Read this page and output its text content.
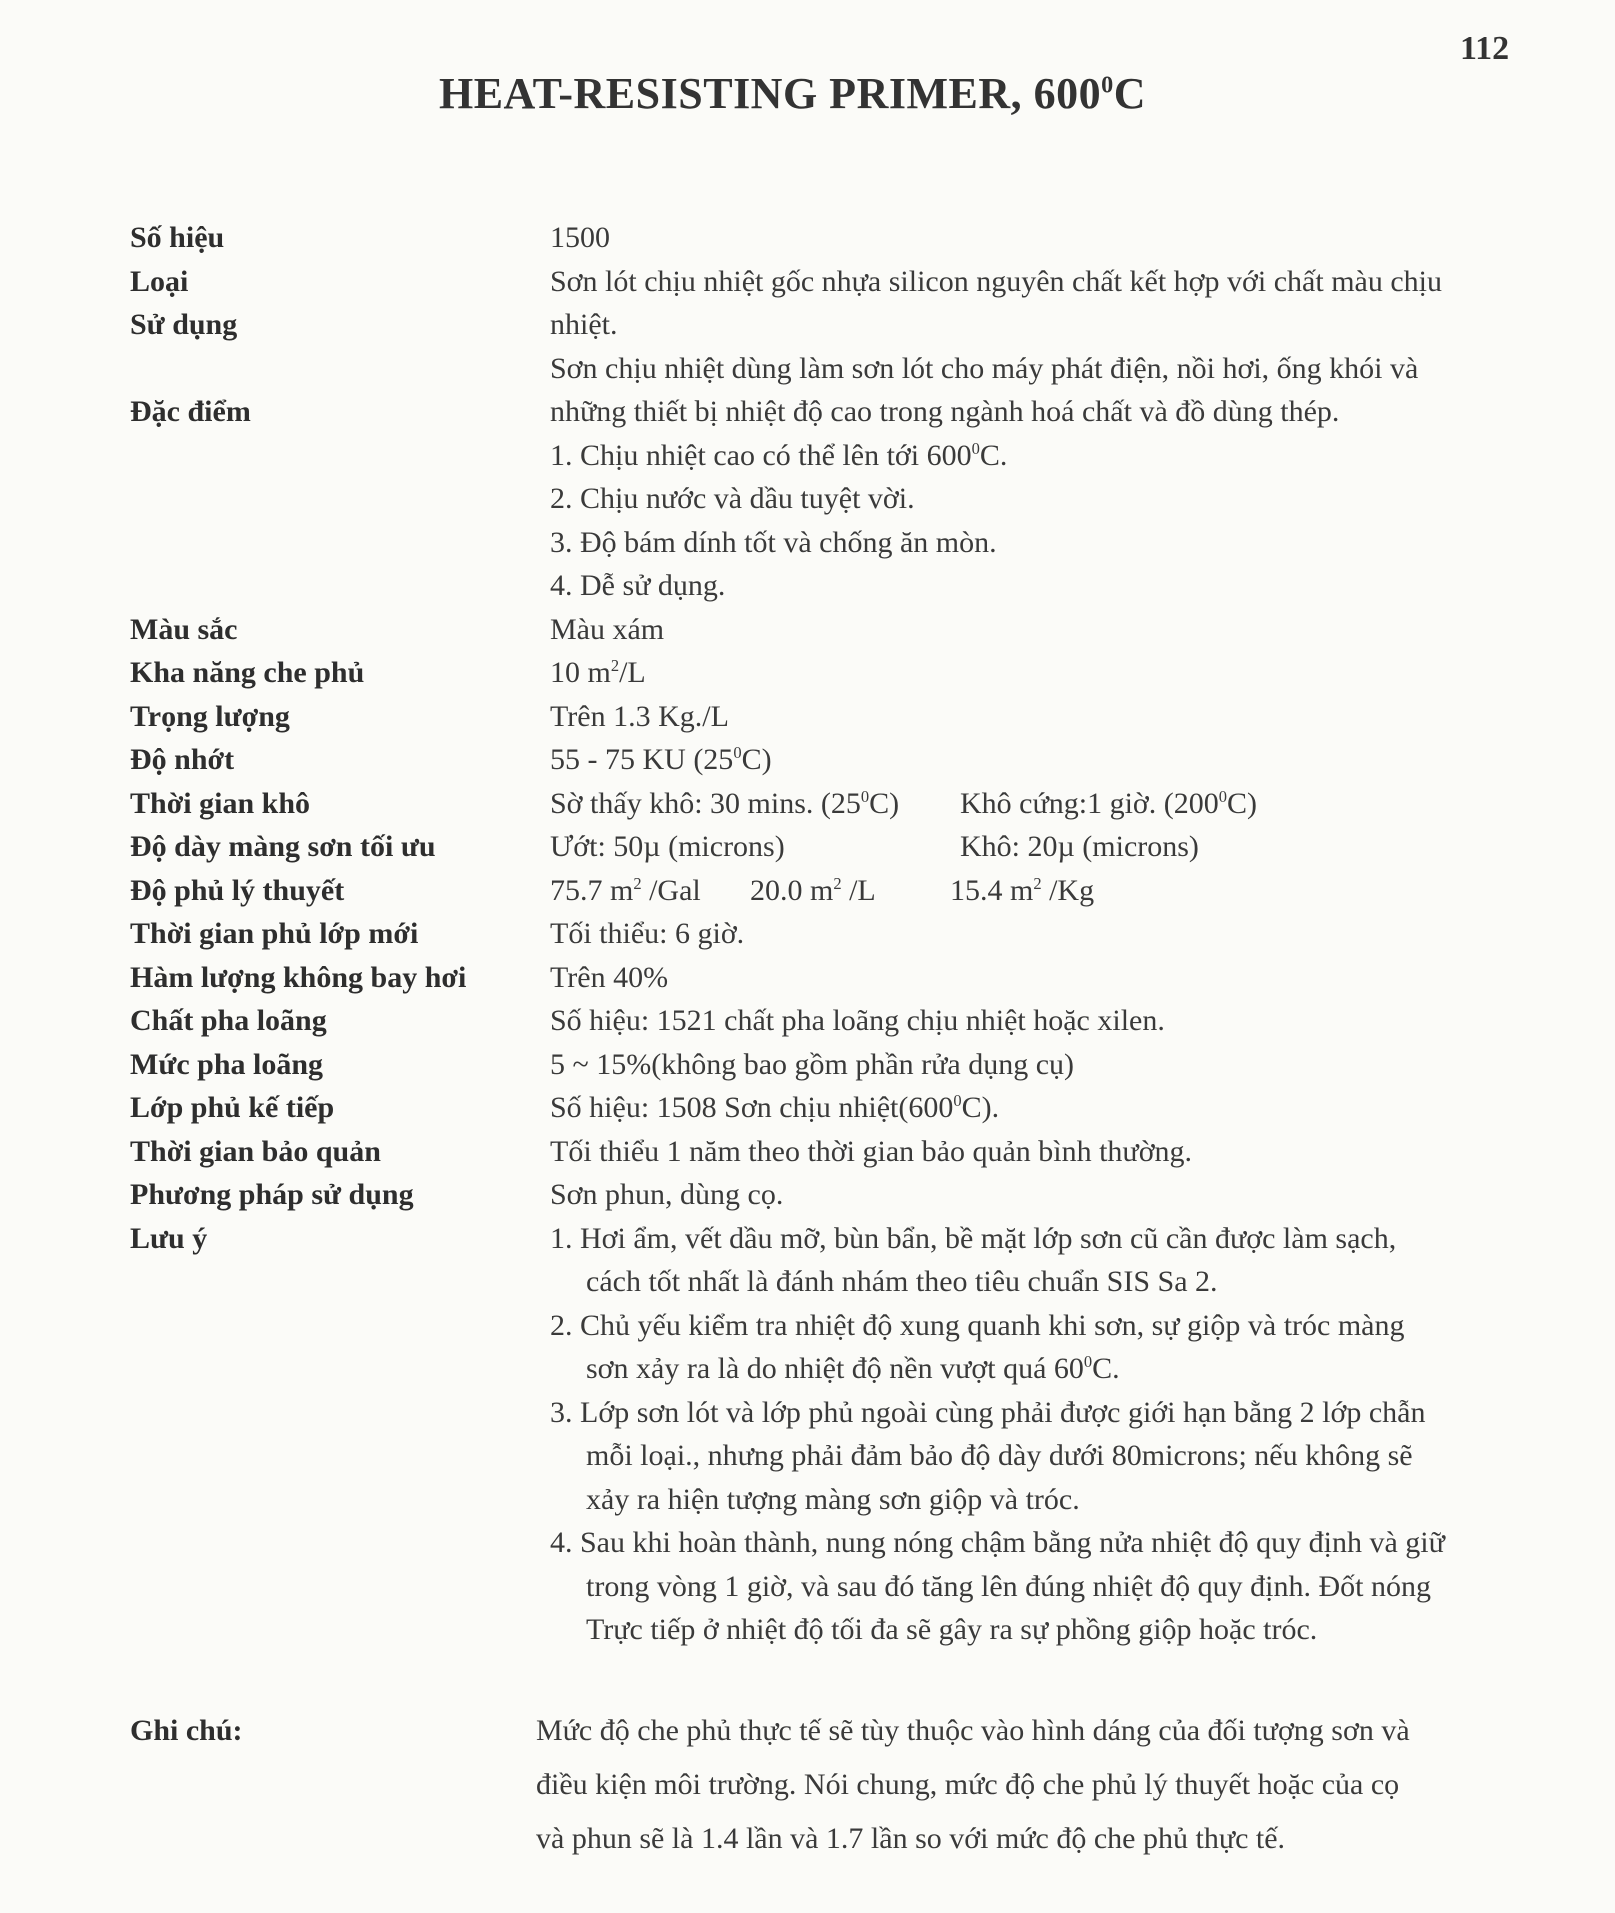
112
HEAT-RESISTING PRIMER, $600^0C$
Số hiệu	1500
Loại	Sơn lót chịu nhiệt gốc nhựa silicon nguyên chất kết hợp với chất màu chịu
Sử dụng	nhiệt.
Sơn chịu nhiệt dùng làm sơn lót cho máy phát điện, nồi hơi, ống khói và
Đặc điểm	những thiết bị nhiệt độ cao trong ngành hoá chất và đồ dùng thép.
1. Chịu nhiệt cao có thể lên tới $600^0C$.
2. Chịu nước và dầu tuyệt vời.
3. Độ bám dính tốt và chống ăn mòn.
4. Dễ sử dụng.
Màu sắc	Màu xám
Kha năng che phủ	10 $m^2/L$
Trọng lượng	Trên 1.3 Kg./L
Độ nhớt	55 - 75 KU $(25^0C)$
Thời gian khô	Sờ thấy khô: 30 mins. $(25^0C)$	Khô cứng:1 giờ. $(200^0C)$
Độ dày màng sơn tối ưu	Ướt: 50µ (microns)	Khô: 20µ (microns)
Độ phủ lý thuyết	75.7 $m^2$ /Gal	20.0 $m^2$ /L	15.4 $m^2$ /Kg
Thời gian phủ lớp mới	Tối thiểu: 6 giờ.
Hàm lượng không bay hơi	Trên 40%
Chất pha loãng	Số hiệu: 1521 chất pha loãng chịu nhiệt hoặc xilen.
Mức pha loãng	5 ~ 15%(không bao gồm phần rửa dụng cụ)
Lớp phủ kế tiếp	Số hiệu: 1508 Sơn chịu $nhiệt(600^0C)$.
Thời gian bảo quản	Tối thiểu 1 năm theo thời gian bảo quản bình thường.
Phương pháp sử dụng	Sơn phun, dùng cọ.
Lưu ý	1. Hơi ẩm, vết dầu mỡ, bùn bẩn, bề mặt lớp sơn cũ cần được làm sạch,
cách tốt nhất là đánh nhám theo tiêu chuẩn SIS Sa 2.
2. Chủ yếu kiểm tra nhiệt độ xung quanh khi sơn, sự giộp và tróc màng
sơn xảy ra là do nhiệt độ nền vượt quá $60^0C$.
3. Lớp sơn lót và lớp phủ ngoài cùng phải được giới hạn bằng 2 lớp chẫn
mỗi loại., nhưng phải đảm bảo độ dày dưới 80microns; nếu không sẽ
xảy ra hiện tượng màng sơn giộp và tróc.
4. Sau khi hoàn thành, nung nóng chậm bằng nửa nhiệt độ quy định và giữ
trong vòng 1 giờ, và sau đó tăng lên đúng nhiệt độ quy định. Đốt nóng
Trực tiếp ở nhiệt độ tối đa sẽ gây ra sự phồng giộp hoặc tróc.
Ghi chú:	Mức độ che phủ thực tế sẽ tùy thuộc vào hình dáng của đối tượng sơn và
điều kiện môi trường. Nói chung, mức độ che phủ lý thuyết hoặc của cọ
và phun sẽ là 1.4 lần và 1.7 lần so với mức độ che phủ thực tế.
